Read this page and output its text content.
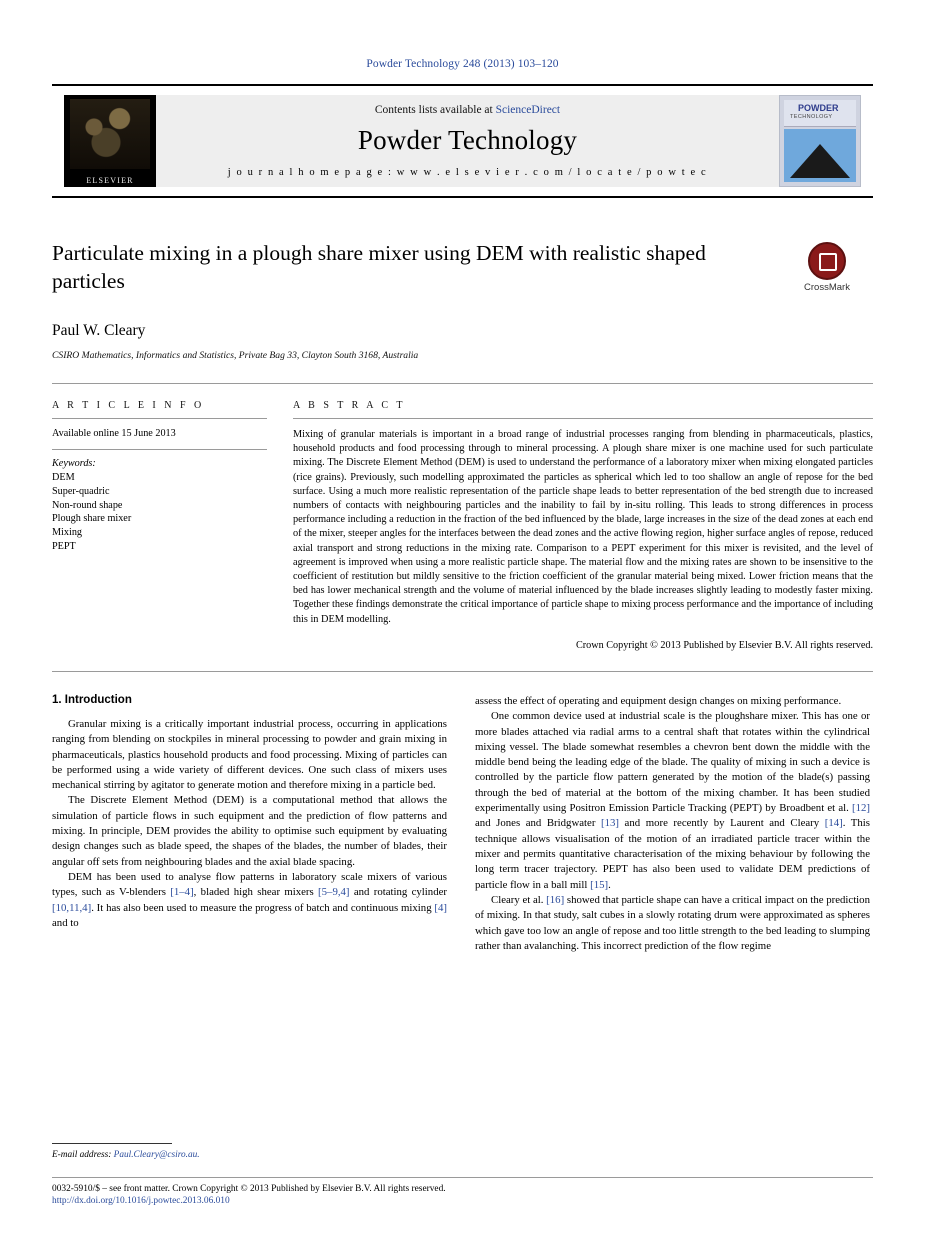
Powder Technology 248 (2013) 103–120
ELSEVIER
Contents lists available at ScienceDirect
Powder Technology
j o u r n a l h o m e p a g e : w w w . e l s e v i e r . c o m / l o c a t e / p o w t e c
POWDER
TECHNOLOGY
Particulate mixing in a plough share mixer using DEM with realistic shaped particles	CrossMark
Paul W. Cleary
CSIRO Mathematics, Informatics and Statistics, Private Bag 33, Clayton South 3168, Australia
A R T I C L E I N F O
Available online 15 June 2013
Keywords:
DEM
Super-quadric
Non-round shape
Plough share mixer
Mixing
PEPT
A B S T R A C T
Mixing of granular materials is important in a broad range of industrial processes ranging from blending in pharmaceuticals, plastics, household products and food processing through to mineral processing. A plough share mixer is one machine used for such particulate mixing. The Discrete Element Method (DEM) is used to understand the performance of a laboratory mixer when mixing elongated particles (rice grains). Previously, such modelling approximated the particles as spherical which led to too shallow an angle of repose for the bed surface. Using a much more realistic representation of the particle shape leads to better representation of the bed strength due to increased numbers of contacts with neighbouring particles and the inability to fail by in-situ rolling. This leads to strong differences in process performance including a reduction in the fraction of the bed influenced by the blade, large increases in the size of the dead zones at each end of the mixer, steeper angles for the interfaces between the dead zones and the active flowing region, higher surface angles of repose, reduced axial transport and strong reductions in the mixing rate. Comparison to a PEPT experiment for this mixer is revisited, and the level of agreement is improved when using a more realistic particle shape. The material flow and the mixing rates are shown to be insensitive to the coefficient of restitution but mildly sensitive to the friction coefficient of the granular material being mixed. Lower friction means that the bed has lower mechanical strength and the volume of material influenced by the blade increases slightly leading to modestly faster mixing. Together these findings demonstrate the critical importance of particle shape to mixing process performance and the importance of including this in DEM modelling.
Crown Copyright © 2013 Published by Elsevier B.V. All rights reserved.
1. Introduction

Granular mixing is a critically important industrial process, occurring in applications ranging from blending on stockpiles in mineral processing to powder and grain mixing in pharmaceuticals, plastics household products and food processing. Mixing of particles can be performed using a wide variety of different devices. One such class of mixers uses mechanical stirring by agitator to generate motion and therefore mixing in a particle bed.

The Discrete Element Method (DEM) is a computational method that allows the simulation of particle flows in such equipment and the prediction of flow patterns and mixing. In principle, DEM provides the ability to optimise such equipment by evaluating design changes such as blade speed, the shapes of the blades, the number of blades, their angular off sets from neighbouring blades and the axial blade spacing.

DEM has been used to analyse flow patterns in laboratory scale mixers of various types, such as V-blenders [1–4], bladed high shear mixers [5–9,4] and rotating cylinder [10,11,4]. It has also been used to measure the progress of batch and continuous mixing [4] and to

assess the effect of operating and equipment design changes on mixing performance.

One common device used at industrial scale is the ploughshare mixer. This has one or more blades attached via radial arms to a central shaft that rotates within the cylindrical mixing vessel. The blade somewhat resembles a chevron bent down the middle with the middle bend being the leading edge of the blade. The quality of mixing in such a device is controlled by the particle flow pattern generated by the motion of the blade(s) passing through the bed of material at the bottom of the mixing chamber. It has been studied experimentally using Positron Emission Particle Tracking (PEPT) by Broadbent et al. [12] and Jones and Bridgwater [13] and more recently by Laurent and Cleary [14]. This technique allows visualisation of the motion of an irradiated particle tracer within the mixer and permits quantitative characterisation of the mixing behaviour by following the long term tracer trajectory. PEPT has also been used to validate DEM predictions of particle flow in a ball mill [15].

Cleary et al. [16] showed that particle shape can have a critical impact on the prediction of mixing. In that study, salt cubes in a slowly rotating drum were approximated as spheres which gave too low an angle of repose and too little strength to the bed leading to slumping rather than avalanching. This incorrect prediction of the flow regime

E-mail address: Paul.Cleary@csiro.au.
0032-5910/$ – see front matter. Crown Copyright © 2013 Published by Elsevier B.V. All rights reserved.
http://dx.doi.org/10.1016/j.powtec.2013.06.010
